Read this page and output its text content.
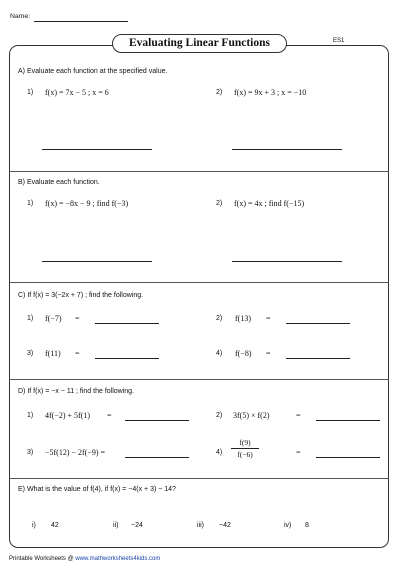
Name:
Evaluating Linear Functions	ES1
A) Evaluate each function at the specified value.
1) f(x) = 7x − 5 ; x = 6	2) f(x) = 9x + 3 ; x = −10
B) Evaluate each function.
1) f(x) = −8x − 9 ; find f(−3)	2) f(x) = 4x ; find f(−15)
C) If f(x) = 3(−2x + 7) ; find the following.
1) f(−7) =	2) f(13) =
3) f(11) =	4) f(−8) =
D) If f(x) = −x − 11 ; find the following.
1) 4f(−2) + 5f(1) =	2) 3f(5) × f(2)	=
3) −5f(12) − 2f(−9) =	4)
f(9)
f(−6)	=
E) What is the value of f(4), if f(x) = −4(x + 3) − 14?
i) 42	ii) −24	iii) −42	iv) 8
Printable Worksheets @ www.mathworksheets4kids.com
